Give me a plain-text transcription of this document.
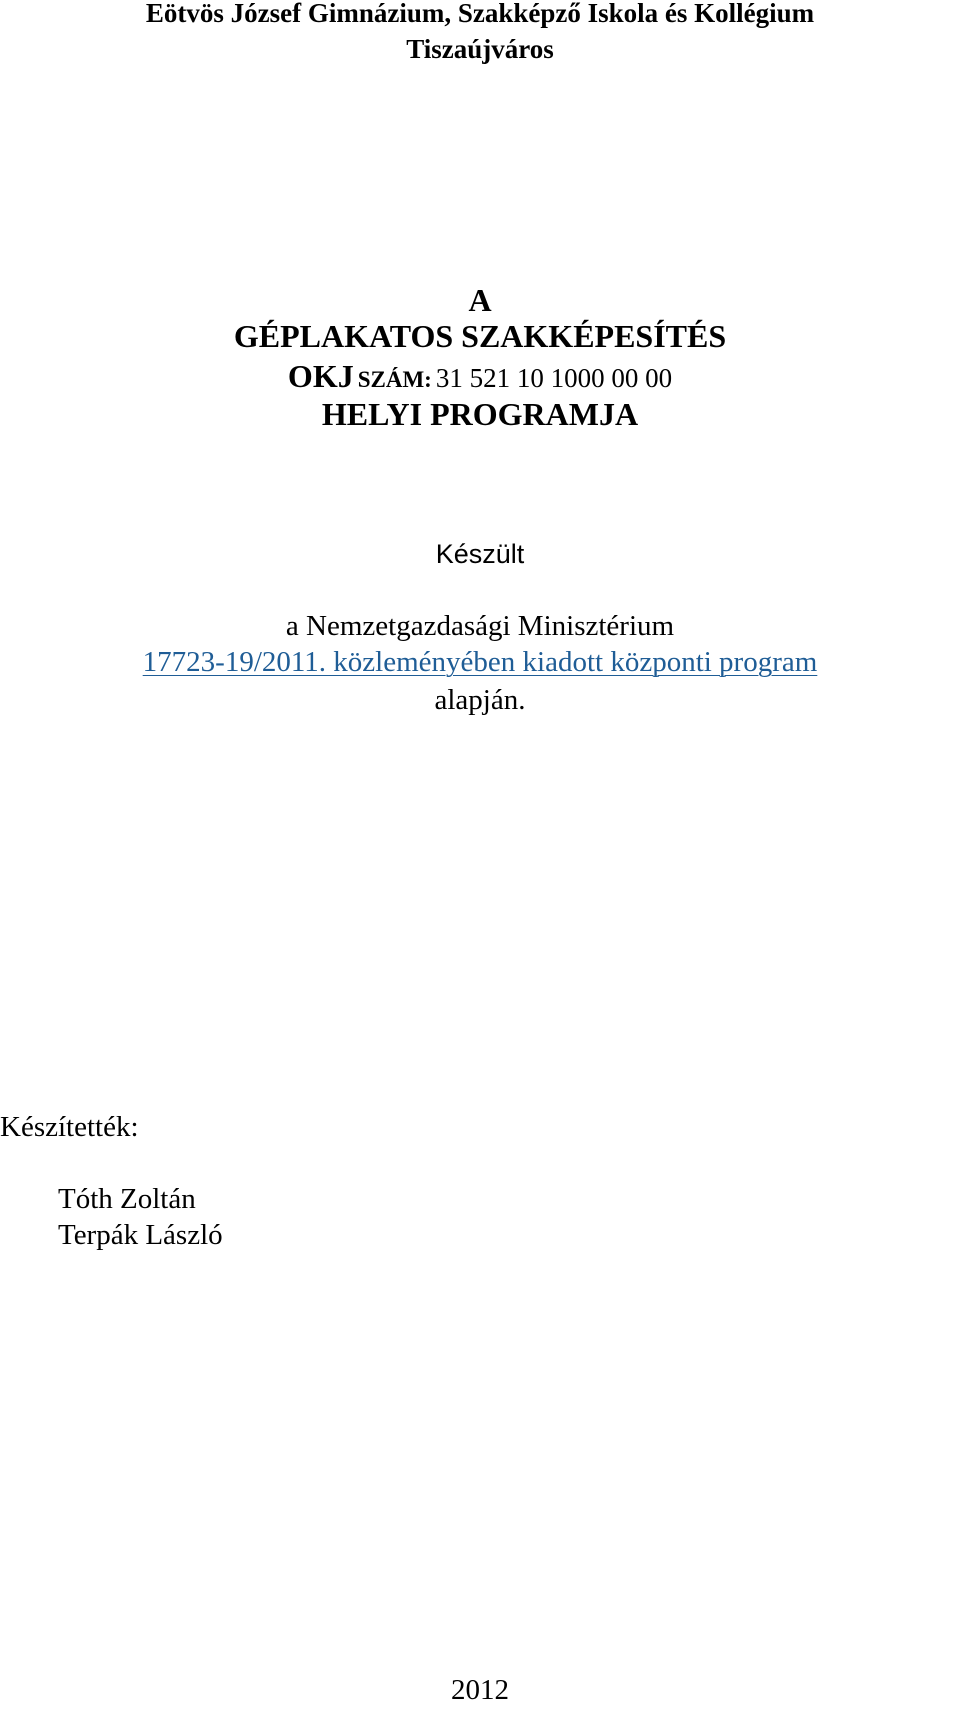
Eötvös József Gimnázium, Szakképző Iskola és Kollégium
Tiszaújváros
A
GÉPLAKATOS SZAKKÉPESÍTÉS
OKJ SZÁM: 31 521 10 1000 00 00
HELYI PROGRAMJA
Készült
a Nemzetgazdasági Minisztérium
17723-19/2011. közleményében kiadott központi program
alapján.
Készítették:
Tóth Zoltán
Terpák László
2012
